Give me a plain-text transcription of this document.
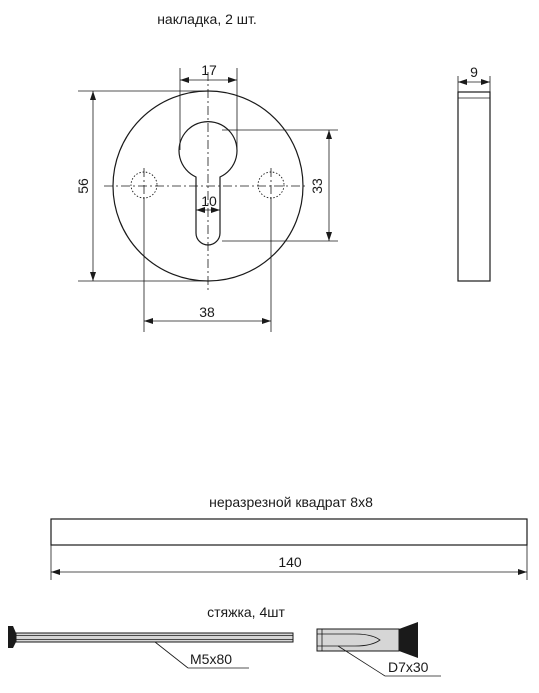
накладка, 2 шт.
17
56	33
10
38
9
неразрезной квадрат 8х8
140
стяжка, 4шт
М5х80	D7x30
